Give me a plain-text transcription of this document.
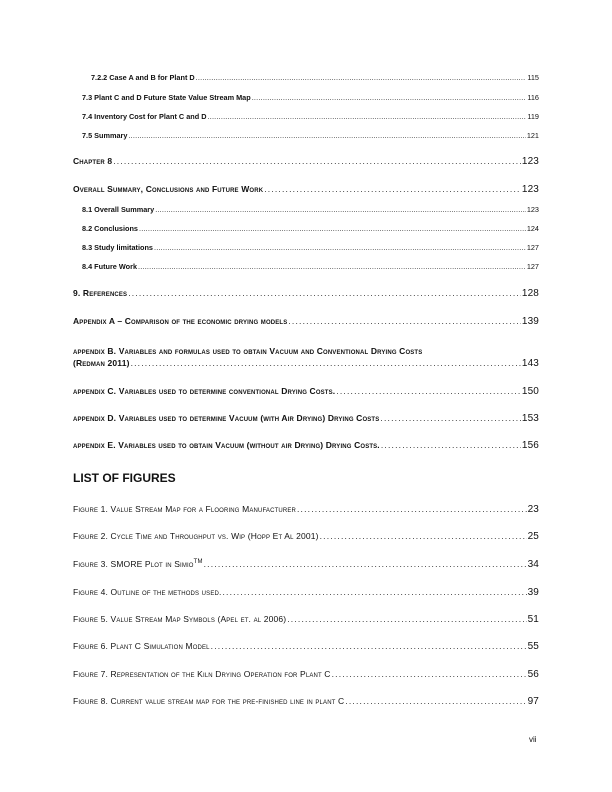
7.2.2 Case A and B for Plant D .....	115
7.3 Plant C and D Future State Value Stream Map .....	116
7.4 Inventory Cost for Plant C and D .....	119
7.5 Summary .....	121
Chapter 8 .....	123
Overall Summary, Conclusions and Future Work .....	123
8.1 Overall Summary .....	123
8.2 Conclusions .....	124
8.3 Study limitations .....	127
8.4 Future Work .....	127
9. References .....	128
Appendix A – Comparison of the economic drying models .....	139
appendix B. Variables and formulas used to obtain Vacuum and Conventional Drying Costs
(Redman 2011) .....	143
appendix C. Variables used to determine conventional Drying Costs. .....	150
appendix D. Variables used to determine Vacuum (with Air Drying) Drying Costs .....	153
appendix E. Variables used to obtain Vacuum (without air Drying) Drying Costs. .....	156
LIST OF FIGURES
Figure 1. Value Stream Map for a Flooring Manufacturer .....	23
Figure 2. Cycle Time and Throughput vs. Wip (Hopp Et Al 2001) .....	25
Figure 3. SMORE Plot in Simio™ .....	34
Figure 4. Outline of the methods used. .....	39
Figure 5. Value Stream Map Symbols (Apel et. al 2006) .....	51
Figure 6. Plant C Simulation Model .....	55
Figure 7. Representation of the Kiln Drying Operation for Plant C .....	56
Figure 8. Current value stream map for the pre-finished line in plant C .....	97
vii
